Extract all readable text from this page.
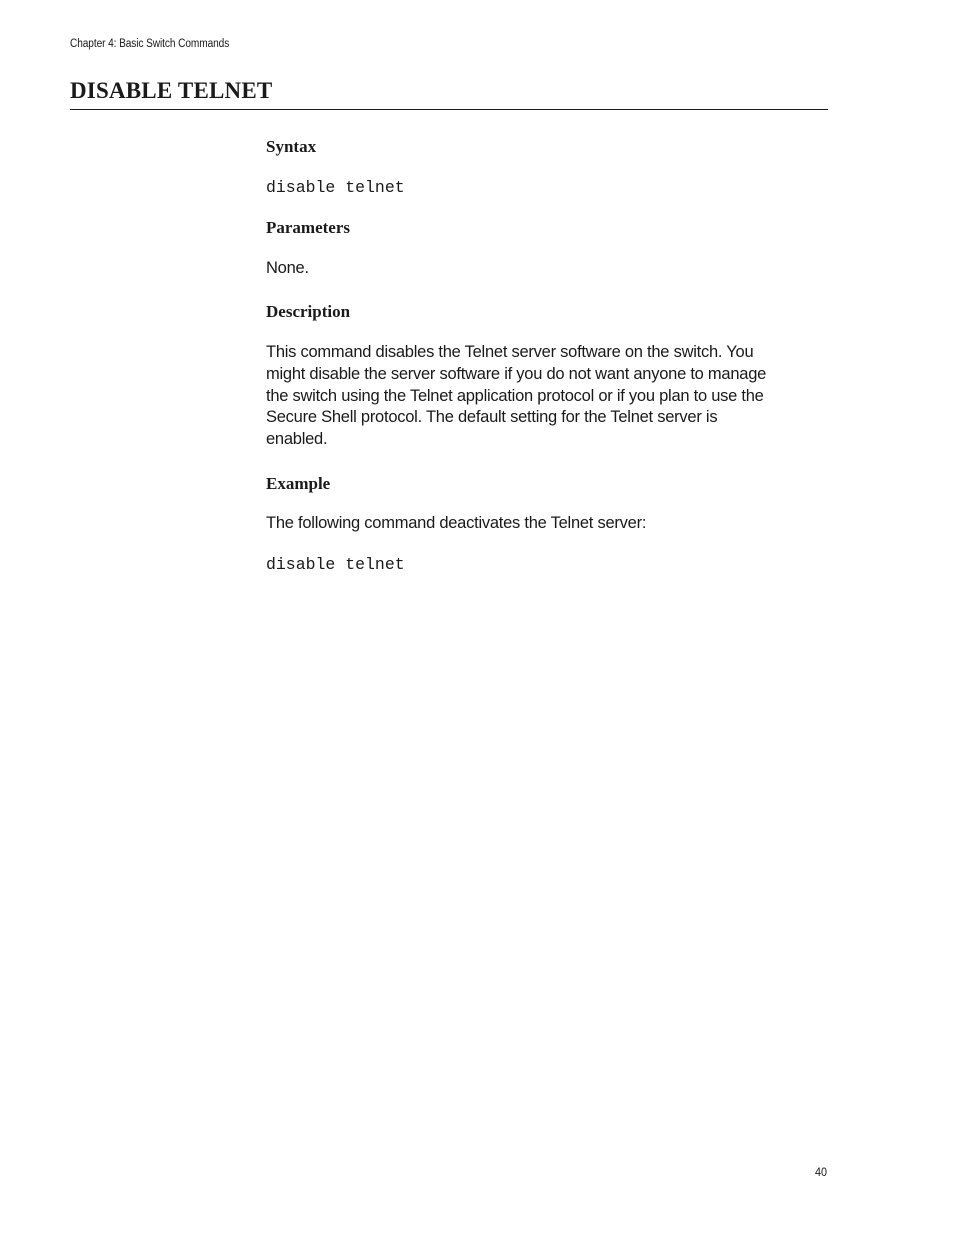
Chapter 4: Basic Switch Commands
DISABLE TELNET
Syntax
disable telnet
Parameters

None.

Description
This command disables the Telnet server software on the switch. You
might disable the server software if you do not want anyone to manage
the switch using the Telnet application protocol or if you plan to use the
Secure Shell protocol. The default setting for the Telnet server is
enabled.
Example

The following command deactivates the Telnet server:

disable telnet
40
